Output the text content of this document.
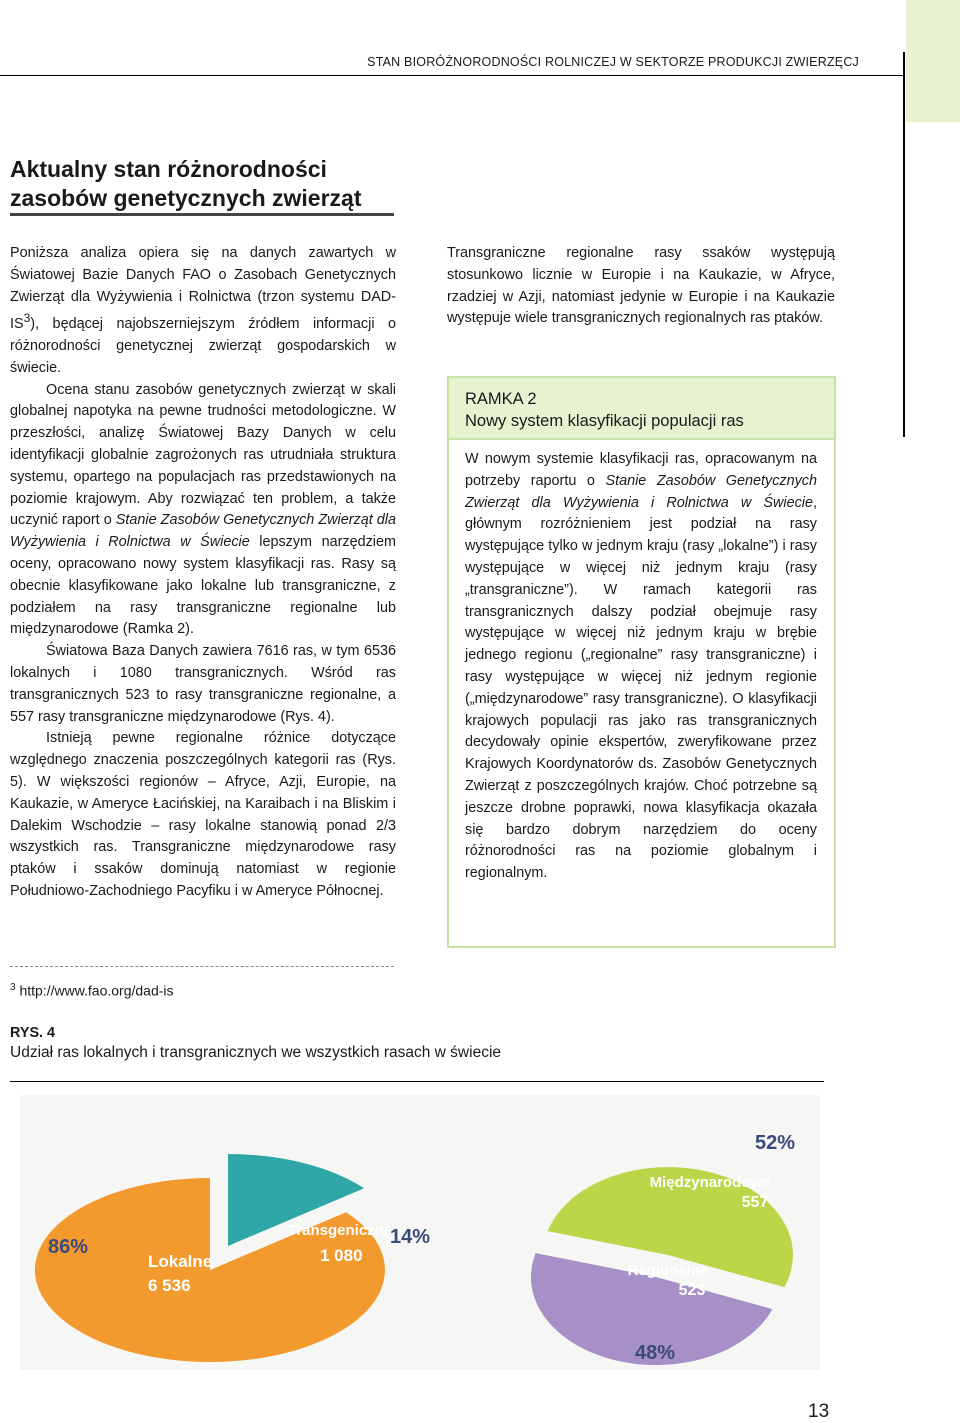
STAN BIORÓŻNORODNOŚCI ROLNICZEJ W SEKTORZE PRODUKCJI ZWIERZĘCJ
Aktualny stan różnorodności
zasobów genetycznych zwierząt

Poniższa analiza opiera się na danych zawartych w Światowej Bazie Danych FAO o Zasobach Genetycznych Zwierząt dla Wyżywienia i Rolnictwa (trzon systemu DAD-$IS^3$), będącej najobszerniejszym źródłem informacji o różnorodności genetycznej zwierząt gospodarskich w świecie.

Ocena stanu zasobów genetycznych zwierząt w skali globalnej napotyka na pewne trudności metodologiczne. W przeszłości, analizę Światowej Bazy Danych w celu identyfikacji globalnie zagrożonych ras utrudniała struktura systemu, opartego na populacjach ras przedstawionych na poziomie krajowym. Aby rozwiązać ten problem, a także uczynić raport o Stanie Zasobów Genetycznych Zwierząt dla Wyżywienia i Rolnictwa w Świecie lepszym narzędziem oceny, opracowano nowy system klasyfikacji ras. Rasy są obecnie klasyfikowane jako lokalne lub transgraniczne, z podziałem na rasy transgraniczne regionalne lub międzynarodowe (Ramka 2).

Światowa Baza Danych zawiera 7616 ras, w tym 6536 lokalnych i 1080 transgranicznych. Wśród ras transgranicznych 523 to rasy transgraniczne regionalne, a 557 rasy transgraniczne międzynarodowe (Rys. 4).

Istnieją pewne regionalne różnice dotyczące względnego znaczenia poszczególnych kategorii ras (Rys. 5). W większości regionów – Afryce, Azji, Europie, na Kaukazie, w Ameryce Łacińskiej, na Karaibach i na Bliskim i Dalekim Wschodzie – rasy lokalne stanowią ponad 2/3 wszystkich ras. Transgraniczne międzynarodowe rasy ptaków i ssaków dominują natomiast w regionie Południowo-Zachodniego Pacyfiku i w Ameryce Północnej.

$^3$ http://www.fao.org/dad-is

Transgraniczne regionalne rasy ssaków występują stosunkowo licznie w Europie i na Kaukazie, w Afryce, rzadziej w Azji, natomiast jedynie w Europie i na Kaukazie występuje wiele transgranicznych regionalnych ras ptaków.

RAMKA 2
Nowy system klasyfikacji populacji ras

W nowym systemie klasyfikacji ras, opracowanym na potrzeby raportu o Stanie Zasobów Genetycznych Zwierząt dla Wyżywienia i Rolnictwa w Świecie, głównym rozróżnieniem jest podział na rasy występujące tylko w jednym kraju (rasy „lokalne”) i rasy występujące w więcej niż jednym kraju (rasy „transgraniczne”). W ramach kategorii ras transgranicznych dalszy podział obejmuje rasy występujące w więcej niż jednym kraju w brębie jednego regionu („regionalne” rasy transgraniczne) i rasy występujące w więcej niż jednym regionie („międzynarodowe” rasy transgraniczne). O klasyfikacji krajowych populacji ras jako ras transgranicznych decydowały opinie ekspertów, zweryfikowane przez Krajowych Koordynatorów ds. Zasobów Genetycznych Zwierząt z poszczególnych krajów. Choć potrzebne są jeszcze drobne poprawki, nowa klasyfikacja okazała się bardzo dobrym narzędziem do oceny różnorodności ras na poziomie globalnym i regionalnym.

RYS. 4
Udział ras lokalnych i transgranicznych we wszystkich rasach w świecie
Lokalne
6 536
Transgeniczne
1 080
86%	14%
Międzynarodowe
557
Regionalne
523
52%
48%
13
